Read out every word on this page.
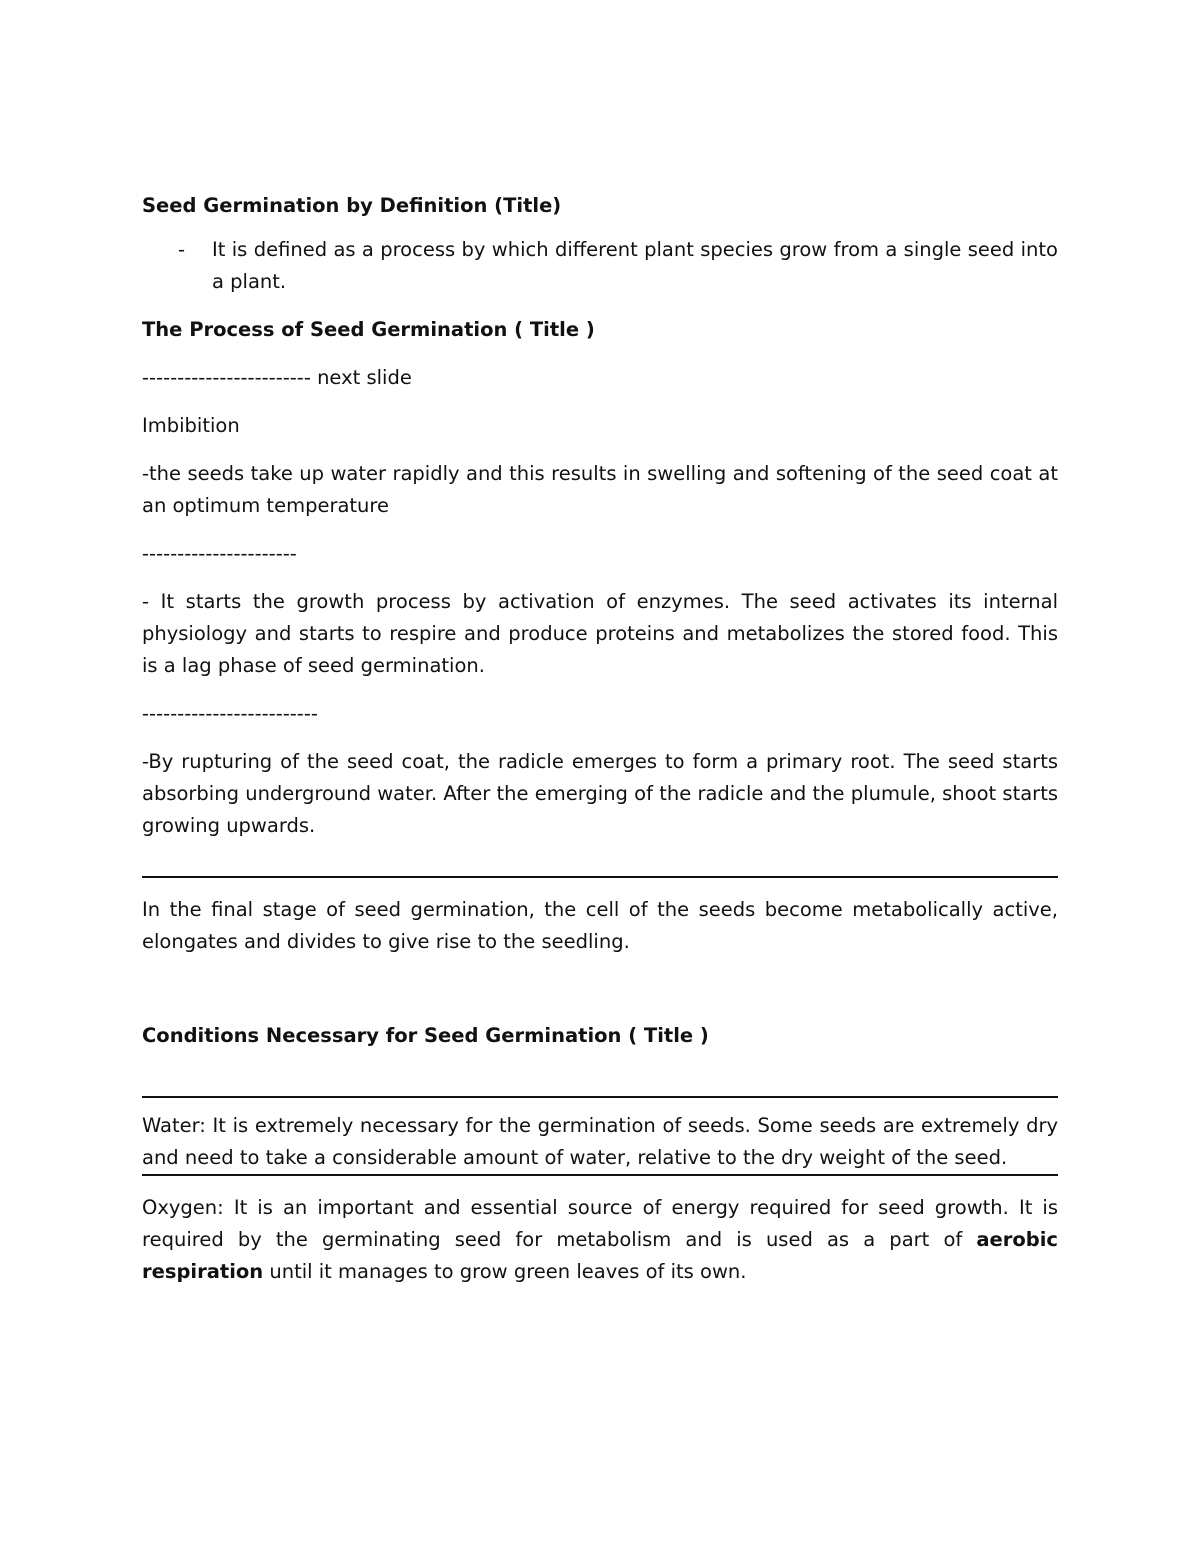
Seed Germination by Definition (Title)

-	It is defined as a process by which different plant species grow from a single seed into a plant.

The Process of Seed Germination ( Title )

------------------------ next slide

Imbibition

-the seeds take up water rapidly and this results in swelling and softening of the seed coat at an optimum temperature

----------------------

- It starts the growth process by activation of enzymes. The seed activates its internal physiology and starts to respire and produce proteins and metabolizes the stored food. This is a lag phase of seed germination.

-------------------------

-By rupturing of the seed coat, the radicle emerges to form a primary root. The seed starts absorbing underground water. After the emerging of the radicle and the plumule, shoot starts growing upwards.

In the final stage of seed germination, the cell of the seeds become metabolically active, elongates and divides to give rise to the seedling.

Conditions Necessary for Seed Germination ( Title )

Water: It is extremely necessary for the germination of seeds. Some seeds are extremely dry and need to take a considerable amount of water, relative to the dry weight of the seed.

Oxygen: It is an important and essential source of energy required for seed growth. It is required by the germinating seed for metabolism and is used as a part of aerobic respiration until it manages to grow green leaves of its own.
